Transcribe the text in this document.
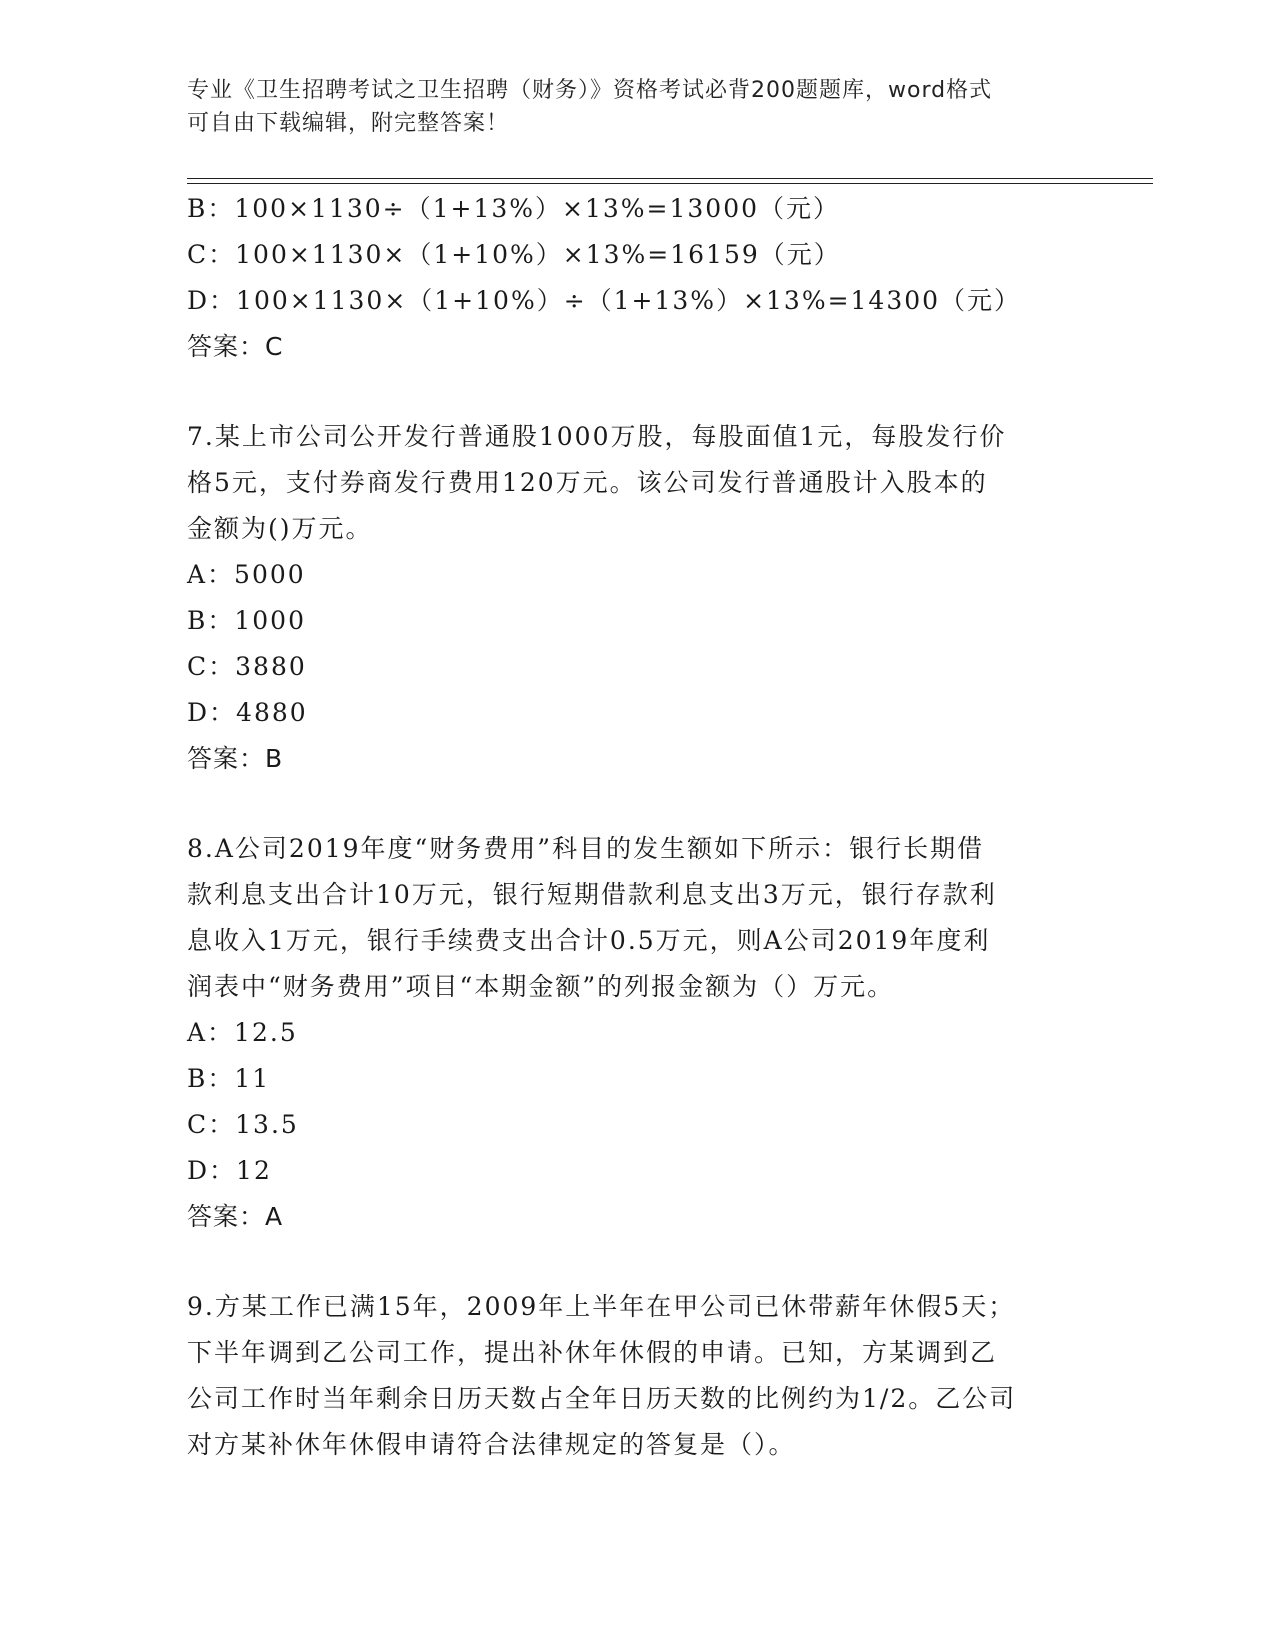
专业《卫生招聘考试之卫生招聘（财务）》资格考试必背200题题库，word格式
可自由下载编辑，附完整答案！
B：100×1130÷（1+13%）×13%=13000（元）
C：100×1130×（1+10%）×13%=16159（元）
D：100×1130×（1+10%）÷（1+13%）×13%=14300（元）
答案：C
7.某上市公司公开发行普通股1000万股，每股面值1元，每股发行价
格5元，支付券商发行费用120万元。该公司发行普通股计入股本的
金额为()万元。
A：5000
B：1000
C：3880
D：4880
答案：B
8.A公司2019年度“财务费用”科目的发生额如下所示：银行长期借
款利息支出合计10万元，银行短期借款利息支出3万元，银行存款利
息收入1万元，银行手续费支出合计0.5万元，则A公司2019年度利
润表中“财务费用”项目“本期金额”的列报金额为（）万元。
A：12.5
B：11
C：13.5
D：12
答案：A
9.方某工作已满15年，2009年上半年在甲公司已休带薪年休假5天；
下半年调到乙公司工作，提出补休年休假的申请。已知，方某调到乙
公司工作时当年剩余日历天数占全年日历天数的比例约为1/2。乙公司
对方某补休年休假申请符合法律规定的答复是（）。
